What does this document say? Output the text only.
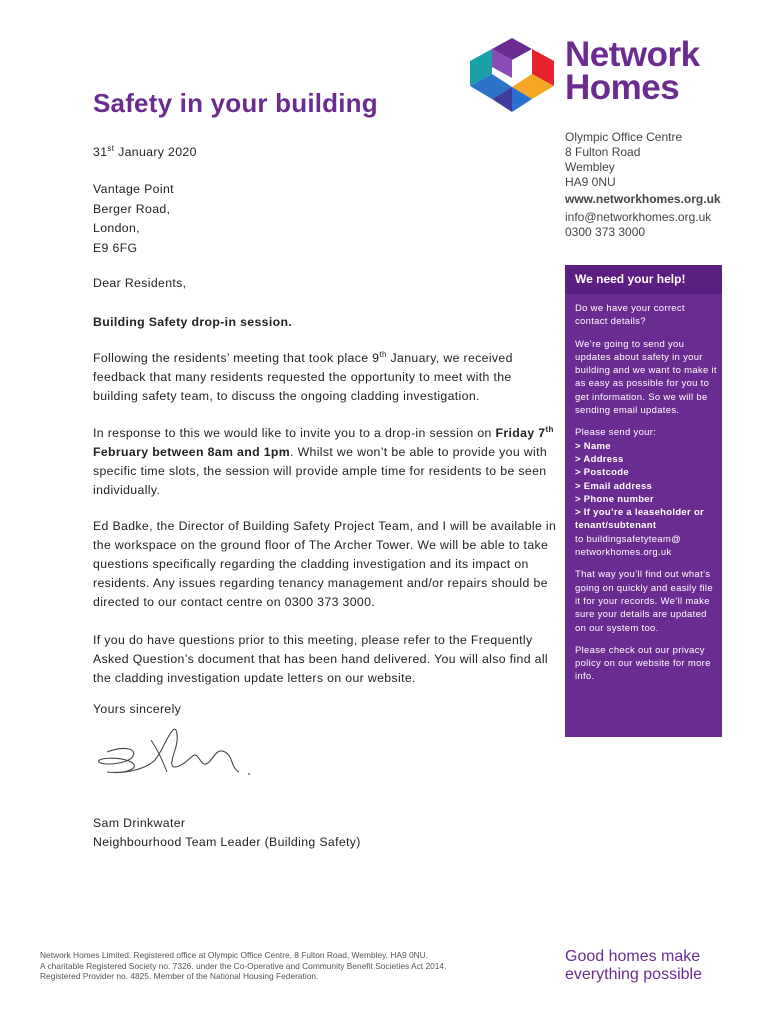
Network
Homes
Safety in your building

31st January 2020

Vantage Point
Berger Road,
London,
E9 6FG

Dear Residents,

Building Safety drop-in session.

Following the residents’ meeting that took place 9th January, we received feedback that many residents requested the opportunity to meet with the building safety team, to discuss the ongoing cladding investigation.

In response to this we would like to invite you to a drop-in session on Friday 7th February between 8am and 1pm. Whilst we won’t be able to provide you with specific time slots, the session will provide ample time for residents to be seen individually.

Ed Badke, the Director of Building Safety Project Team, and I will be available in the workspace on the ground floor of The Archer Tower. We will be able to take questions specifically regarding the cladding investigation and its impact on residents. Any issues regarding tenancy management and/or repairs should be directed to our contact centre on 0300 373 3000.

If you do have questions prior to this meeting, please refer to the Frequently Asked Question’s document that has been hand delivered. You will also find all the cladding investigation update letters on our website.

Yours sincerely

Sam Drinkwater

Neighbourhood Team Leader (Building Safety)

Olympic Office Centre
8 Fulton Road
Wembley
HA9 0NU
www.networkhomes.org.uk
info@networkhomes.org.uk
0300 373 3000
We need your help!

Do we have your correct contact details?

We’re going to send you updates about safety in your building and we want to make it as easy as possible for you to get information. So we will be sending email updates.

Please send your:
> Name
> Address
> Postcode
> Email address
> Phone number
> If you’re a leaseholder or tenant/subtenant
to buildingsafetyteam@
networkhomes.org.uk

That way you’ll find out what’s going on quickly and easily file it for your records. We’ll make sure your details are updated on our system too.

Please check out our privacy policy on our website for more info.

Network Homes Limited. Registered office at Olympic Office Centre, 8 Fulton Road, Wembley, HA9 0NU.
A charitable Registered Society no. 7326. under the Co-Operative and Community Benefit Societies Act 2014.
Registered Provider no. 4825. Member of the National Housing Federation.
Good homes make
everything possible
